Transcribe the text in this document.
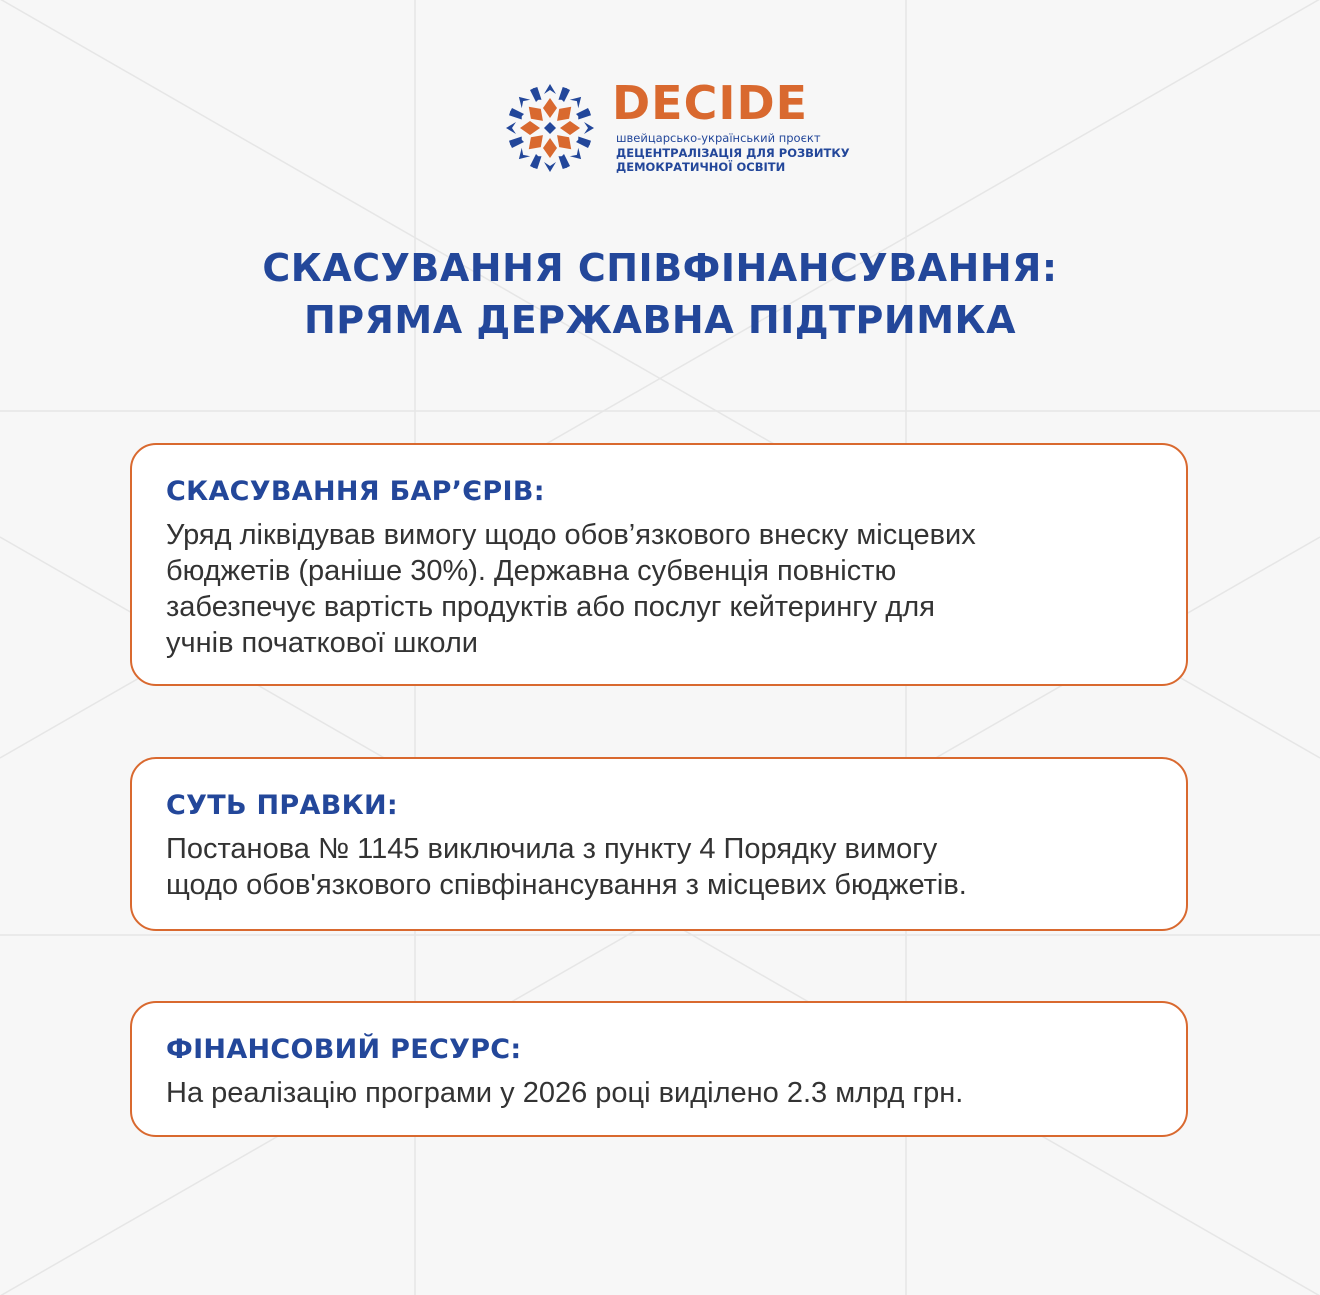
DECIDE
швейцарсько-український проєкт
ДЕЦЕНТРАЛІЗАЦІЯ ДЛЯ РОЗВИТКУ
ДЕМОКРАТИЧНОЇ ОСВІТИ
СКАСУВАННЯ СПІВФІНАНСУВАННЯ:
ПРЯМА ДЕРЖАВНА ПІДТРИМКА
СКАСУВАННЯ БАР’ЄРІВ:
Уряд ліквідував вимогу щодо обов’язкового внеску місцевих
бюджетів (раніше 30%). Державна субвенція повністю
забезпечує вартість продуктів або послуг кейтерингу для
учнів початкової школи
СУТЬ ПРАВКИ:
Постанова № 1145 виключила з пункту 4 Порядку вимогу
щодо обов'язкового співфінансування з місцевих бюджетів.
ФІНАНСОВИЙ РЕСУРС:
На реалізацію програми у 2026 році виділено 2.3 млрд грн.
